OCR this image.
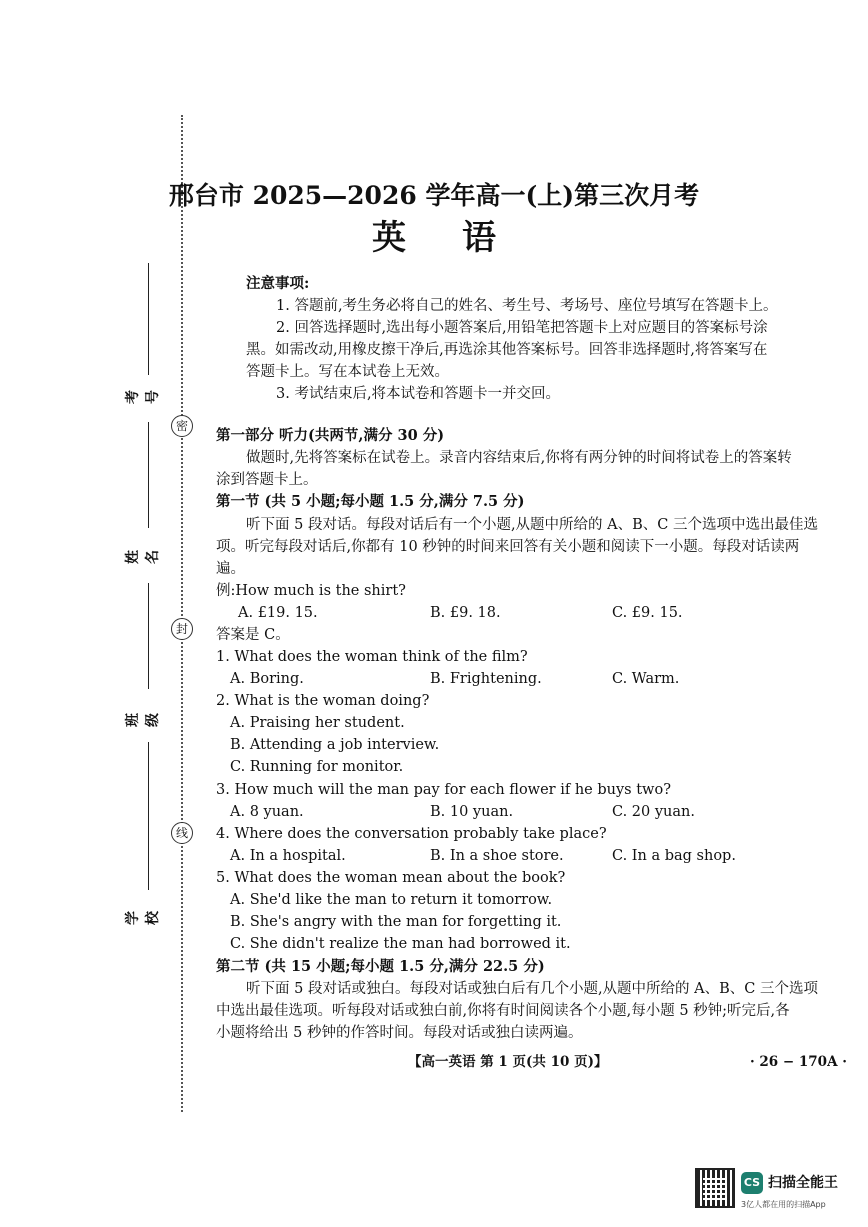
密
封
线
考号
姓名
班级
学校
邢台市 2025—2026 学年高一(上)第三次月考
英语
注意事项:
1. 答题前,考生务必将自己的姓名、考生号、考场号、座位号填写在答题卡上。
2. 回答选择题时,选出每小题答案后,用铅笔把答题卡上对应题目的答案标号涂
黑。如需改动,用橡皮擦干净后,再选涂其他答案标号。回答非选择题时,将答案写在
答题卡上。写在本试卷上无效。
3. 考试结束后,将本试卷和答题卡一并交回。
第一部分 听力(共两节,满分 30 分)
做题时,先将答案标在试卷上。录音内容结束后,你将有两分钟的时间将试卷上的答案转
涂到答题卡上。
第一节 (共 5 小题;每小题 1.5 分,满分 7.5 分)
听下面 5 段对话。每段对话后有一个小题,从题中所给的 A、B、C 三个选项中选出最佳选
项。听完每段对话后,你都有 10 秒钟的时间来回答有关小题和阅读下一小题。每段对话读两
遍。
例:How much is the shirt?
A. £19. 15.	B. £9. 18.	C. £9. 15.
答案是 C。
1. What does the woman think of the film?
A. Boring.	B. Frightening.	C. Warm.
2. What is the woman doing?
A. Praising her student.
B. Attending a job interview.
C. Running for monitor.
3. How much will the man pay for each flower if he buys two?
A. 8 yuan.	B. 10 yuan.	C. 20 yuan.
4. Where does the conversation probably take place?
A. In a hospital.	B. In a shoe store.	C. In a bag shop.
5. What does the woman mean about the book?
A. She'd like the man to return it tomorrow.
B. She's angry with the man for forgetting it.
C. She didn't realize the man had borrowed it.
第二节 (共 15 小题;每小题 1.5 分,满分 22.5 分)
听下面 5 段对话或独白。每段对话或独白后有几个小题,从题中所给的 A、B、C 三个选项
中选出最佳选项。听每段对话或独白前,你将有时间阅读各个小题,每小题 5 秒钟;听完后,各
小题将给出 5 秒钟的作答时间。每段对话或独白读两遍。
【高一英语 第 1 页(共 10 页)】	· 26 − 170A ·
CS 扫描全能王
3亿人都在用的扫描App
